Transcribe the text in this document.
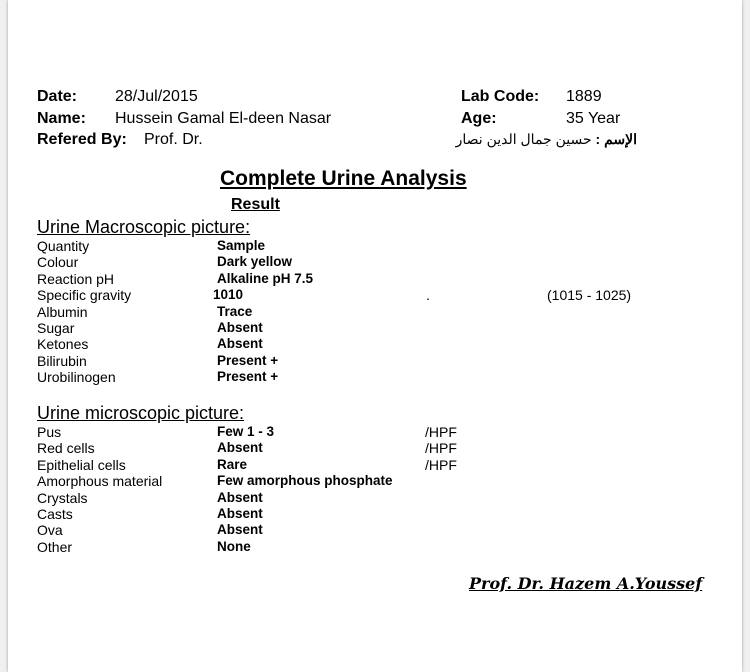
Date: 28/Jul/2015
Name: Hussein Gamal El-deen Nasar
Refered By: Prof. Dr.
Lab Code: 1889
Age:	35 Year
الإسم : حسين جمال الدين نصار
Complete Urine Analysis
Result
Urine Macroscopic picture:
Quantity	Sample
Colour	Dark yellow
Reaction pH	Alkaline pH 7.5
Specific gravity	1010	.	(1015 - 1025)
Albumin	Trace
Sugar	Absent
Ketones	Absent
Bilirubin	Present +
Urobilinogen	Present +
Urine microscopic picture:
Pus	Few 1 - 3	/HPF
Red cells	Absent	/HPF
Epithelial cells	Rare	/HPF
Amorphous material	Few amorphous phosphate
Crystals	Absent
Casts	Absent
Ova	Absent
Other	None
Prof. Dr. Hazem A.Youssef
